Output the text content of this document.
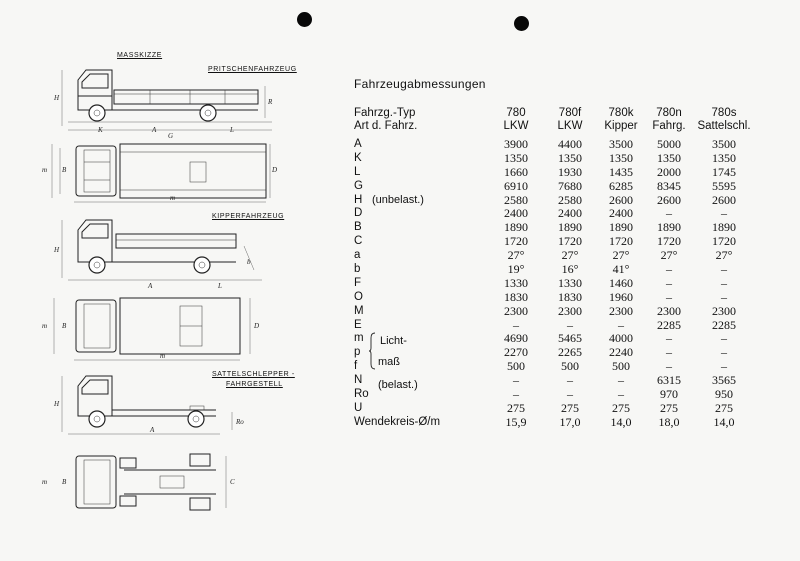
MASSKIZZE
PRITSCHENFAHRZEUG
KIPPERFAHRZEUG
SATTELSCHLEPPER -
FAHRGESTELL
H	R
K	A	L
G
m B	D
m
H
b
A	L
m B	D
m
H
Ro
A
m B	C
Fahrzeugabmessungen
Fahrzg.-Typ	780	780f	780k	780n	780s
Art d. Fahrz.	LKW	LKW	Kipper	Fahrg.	Sattelschl.
A	3900	4400	3500	5000	3500
K	1350	1350	1350	1350	1350
L	1660	1930	1435	2000	1745
G	6910	7680	6285	8345	5595
H	2580	2580	2600	2600	2600
D	2400	2400	2400	–	–
B	1890	1890	1890	1890	1890
C	1720	1720	1720	1720	1720
a	27°	27°	27°	27°	27°
b	19°	16°	41°	–	–
F	1330	1330	1460	–	–
O	1830	1830	1960	–	–
M	2300	2300	2300	2300	2300
E	–	–	–	2285	2285
m	4690	5465	4000	–	–
p	2270	2265	2240	–	–
f	500	500	500	–	–
N	–	–	–	6315	3565
Ro	–	–	–	970	950
U	275	275	275	275	275
Wendekreis-Ø/m	15,9	17,0	14,0	18,0	14,0
(unbelast.)
(belast.)
Licht-
maß
